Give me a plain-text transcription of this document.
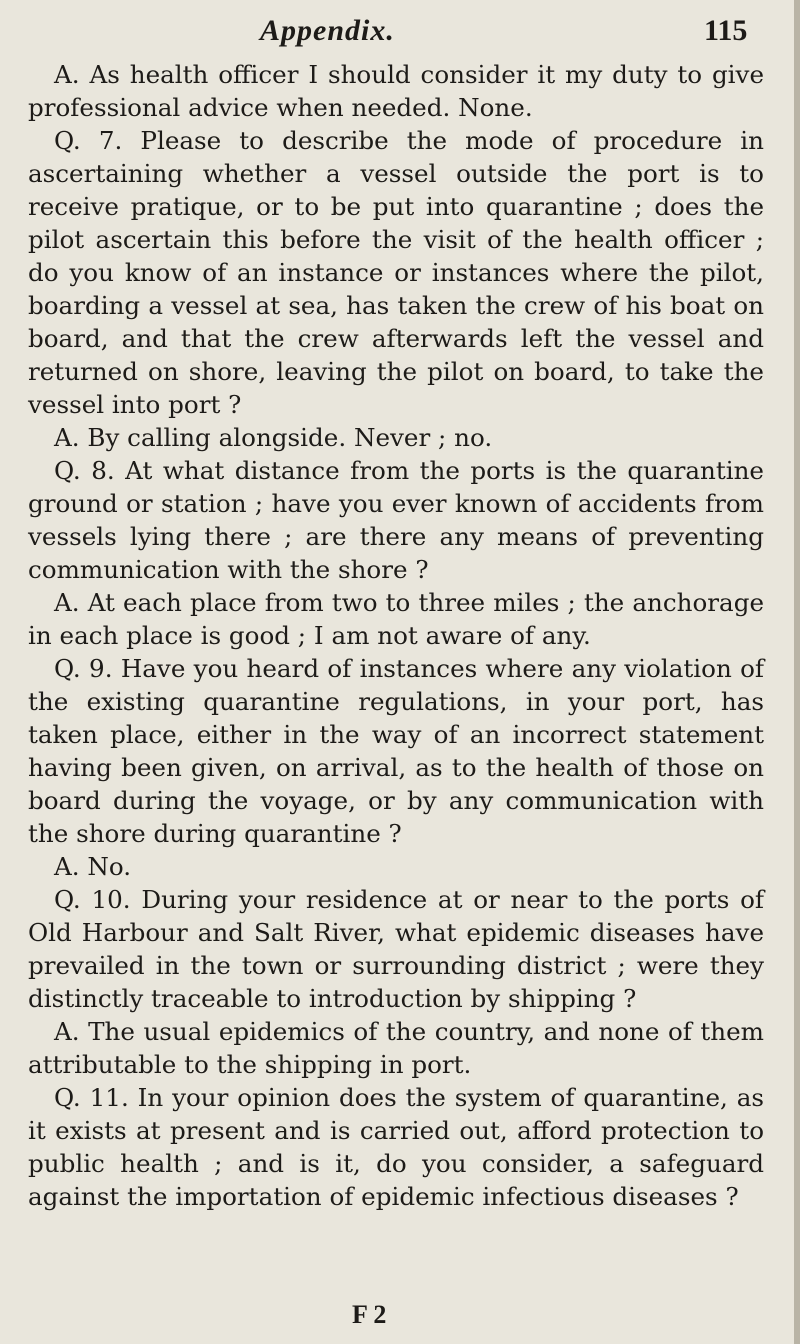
Appendix.	115

A. As health officer I should consider it my duty to give professional advice when needed. None.

Q. 7. Please to describe the mode of procedure in ascertaining whether a vessel outside the port is to receive pratique, or to be put into quarantine ; does the pilot ascertain this before the visit of the health officer ; do you know of an instance or instances where the pilot, boarding a vessel at sea, has taken the crew of his boat on board, and that the crew afterwards left the vessel and returned on shore, leaving the pilot on board, to take the vessel into port ?

A. By calling alongside. Never ; no.

Q. 8. At what distance from the ports is the quarantine ground or station ; have you ever known of accidents from vessels lying there ; are there any means of preventing communication with the shore ?

A. At each place from two to three miles ; the anchorage in each place is good ; I am not aware of any.

Q. 9. Have you heard of instances where any violation of the existing quarantine regulations, in your port, has taken place, either in the way of an incorrect statement having been given, on arrival, as to the health of those on board during the voyage, or by any communication with the shore during quarantine ?

A. No.

Q. 10. During your residence at or near to the ports of Old Harbour and Salt River, what epidemic diseases have prevailed in the town or surrounding district ; were they distinctly traceable to introduction by shipping ?

A. The usual epidemics of the country, and none of them attributable to the shipping in port.

Q. 11. In your opinion does the system of quarantine, as it exists at present and is carried out, afford protection to public health ; and is it, do you consider, a safeguard against the importation of epidemic infectious diseases ?

F 2
